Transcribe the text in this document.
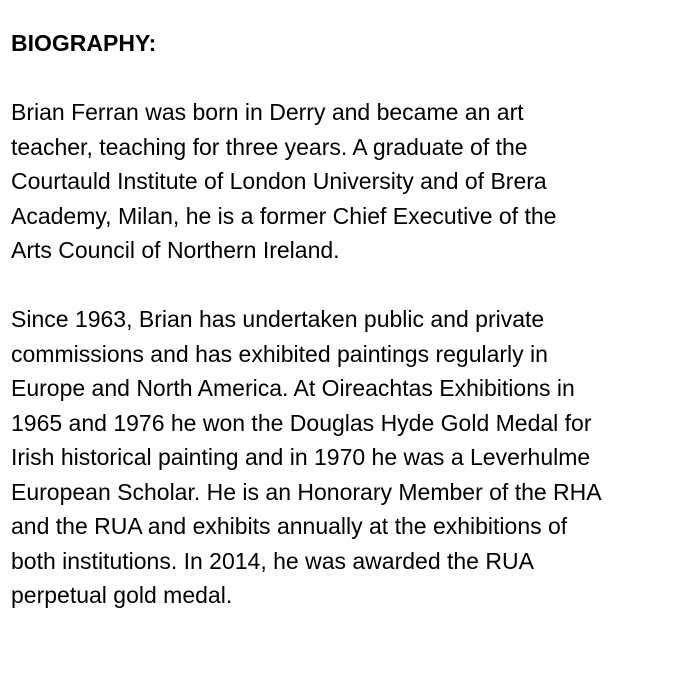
BIOGRAPHY:

Brian Ferran was born in Derry and became an art
teacher, teaching for three years. A graduate of the
Courtauld Institute of London University and of Brera
Academy, Milan, he is a former Chief Executive of the
Arts Council of Northern Ireland.

Since 1963, Brian has undertaken public and private
commissions and has exhibited paintings regularly in
Europe and North America. At Oireachtas Exhibitions in
1965 and 1976 he won the Douglas Hyde Gold Medal for
Irish historical painting and in 1970 he was a Leverhulme
European Scholar. He is an Honorary Member of the RHA
and the RUA and exhibits annually at the exhibitions of
both institutions. In 2014, he was awarded the RUA
perpetual gold medal.
